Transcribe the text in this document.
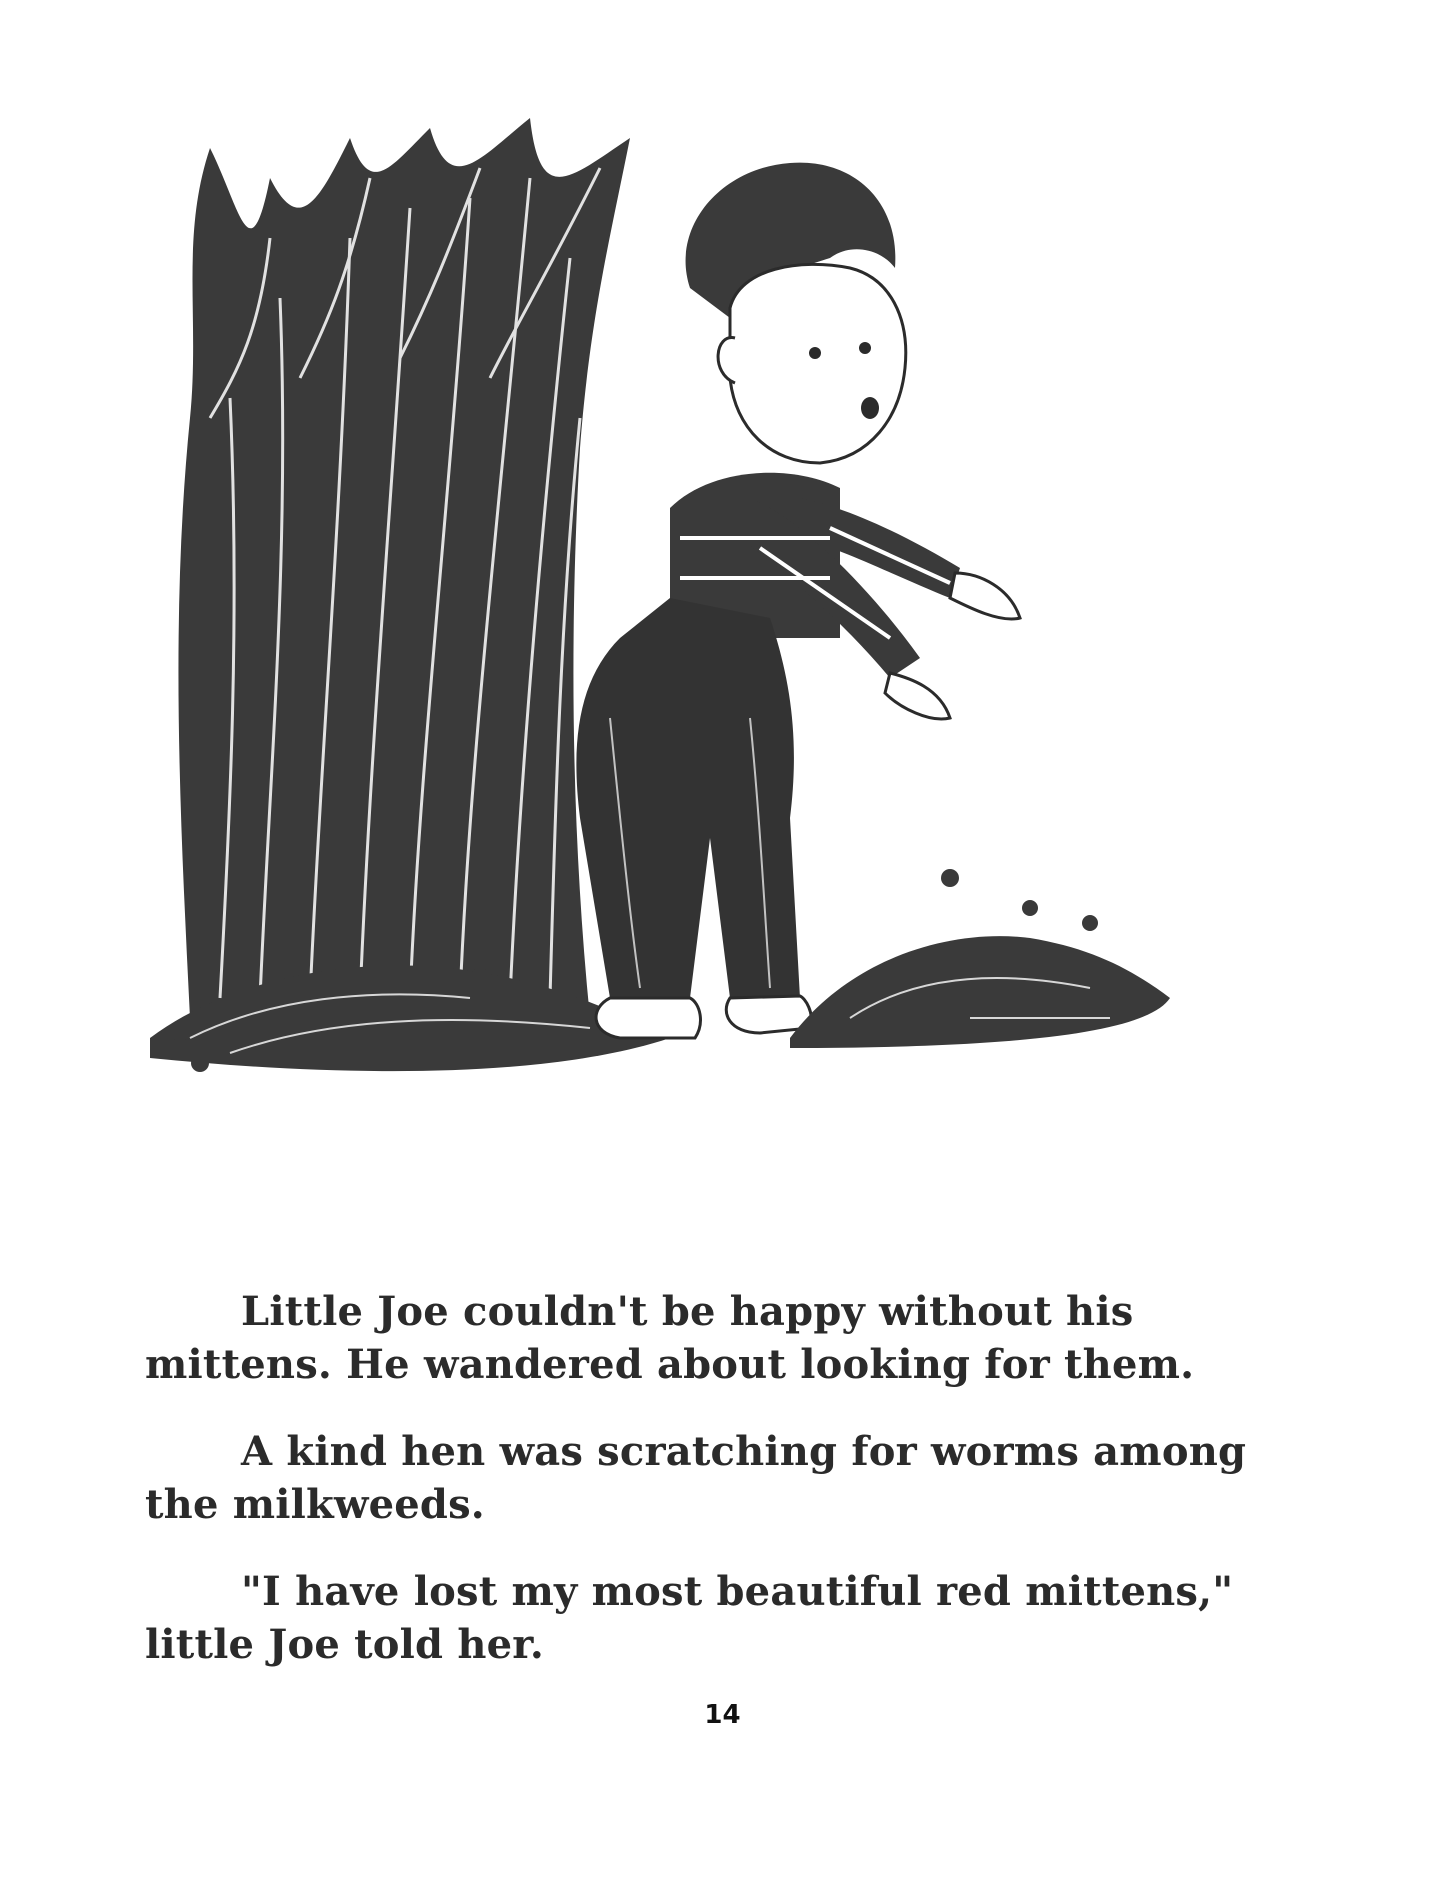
Little Joe couldn't be happy without his mittens. He wandered about looking for them.

A kind hen was scratching for worms among the milkweeds.

"I have lost my most beautiful red mittens," little Joe told her.

14
